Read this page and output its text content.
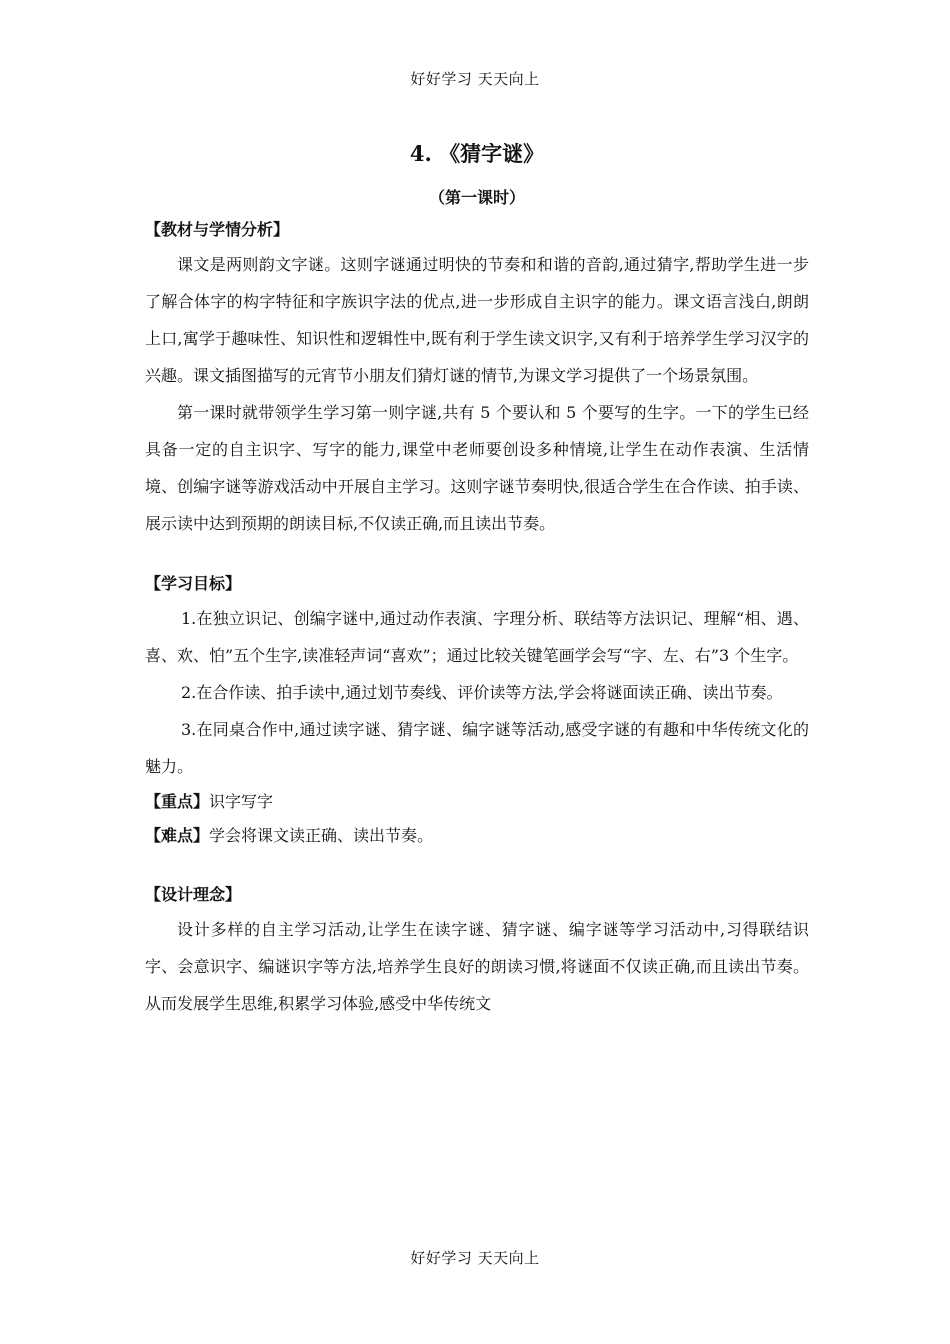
好好学习 天天向上
4. 《猜字谜》
（第一课时）
【教材与学情分析】

课文是两则韵文字谜。这则字谜通过明快的节奏和和谐的音韵,通过猜字,帮助学生进一步了解合体字的构字特征和字族识字法的优点,进一步形成自主识字的能力。课文语言浅白,朗朗上口,寓学于趣味性、知识性和逻辑性中,既有利于学生读文识字,又有利于培养学生学习汉字的兴趣。课文插图描写的元宵节小朋友们猜灯谜的情节,为课文学习提供了一个场景氛围。

第一课时就带领学生学习第一则字谜,共有 5 个要认和 5 个要写的生字。一下的学生已经具备一定的自主识字、写字的能力,课堂中老师要创设多种情境,让学生在动作表演、生活情境、创编字谜等游戏活动中开展自主学习。这则字谜节奏明快,很适合学生在合作读、拍手读、展示读中达到预期的朗读目标,不仅读正确,而且读出节奏。

【学习目标】

1.在独立识记、创编字谜中,通过动作表演、字理分析、联结等方法识记、理解“相、遇、喜、欢、怕”五个生字,读准轻声词“喜欢”；通过比较关键笔画学会写“字、左、右”3 个生字。

2.在合作读、拍手读中,通过划节奏线、评价读等方法,学会将谜面读正确、读出节奏。

3.在同桌合作中,通过读字谜、猜字谜、编字谜等活动,感受字谜的有趣和中华传统文化的魅力。

【重点】识字写字
【难点】学会将课文读正确、读出节奏。
【设计理念】

设计多样的自主学习活动,让学生在读字谜、猜字谜、编字谜等学习活动中,习得联结识字、会意识字、编谜识字等方法,培养学生良好的朗读习惯,将谜面不仅读正确,而且读出节奏。从而发展学生思维,积累学习体验,感受中华传统文

好好学习 天天向上
